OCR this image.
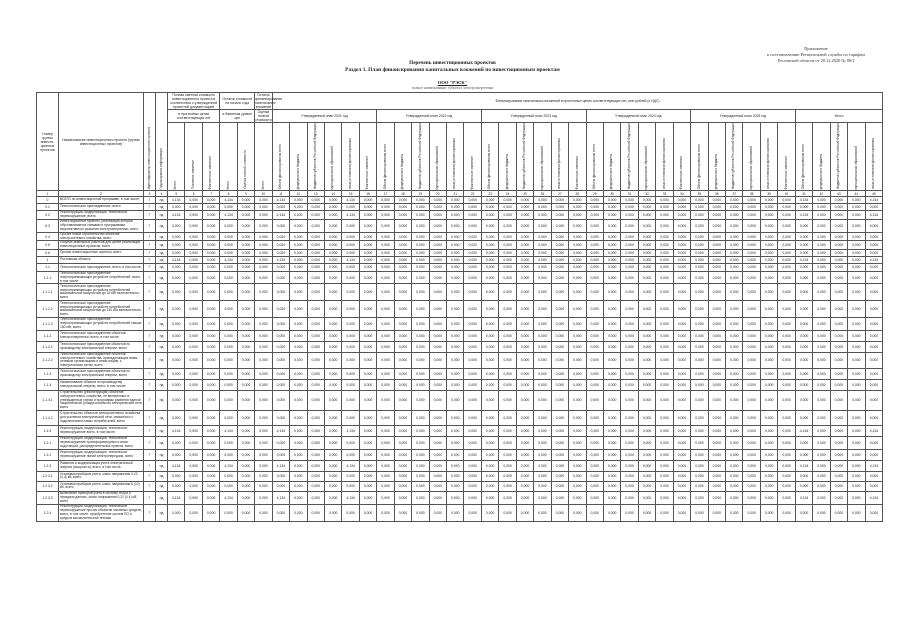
Приложение
к постановлению Региональной службы по тарифам
Ростовской области от 29.12.2020 № 88/2
Перечень инвестиционных проектов
Раздел 1. План финансирования капитальных вложений по инвестиционным проектам
ООО "РЭСК"
полное наименование субъекта электроэнергетики
Номер группы инвести-ционных проектов	Наименование инвестиционного проекта (группы инвестиционных проектов)	Идентификатор инвестиционного проекта	Год раскрытия информации	Полная сметная стоимость инвестиционного проекта в соответствии с утвержденной проектной документацией			Остаток стоимости на начало года		Остаток финансирования капитальных вложений	Финансирование капитальных вложений в прогнозных ценах соответствующих лет, млн рублей (с НДС)																																		
				в прогнозных ценах соответствующих лет			в базисном уровне цен		Оценка полной стоимости	Утвержденный план 2021 год						Утвержденный план 2022 год						Утвержденный план 2023 год						Утвержденный план 2024 год						Утвержденный план 2025 год						Итого				
				Всего	Плановое значение	Фактическое значение	Всего	Оценка полной стоимости	Всего	Объем финансирования всего	федерального бюджета	бюджетов субъектов Российской Федерации	муниципальных образований	иных источников финансирования	Фактическое значение	Объем финансирования всего	федерального бюджета	бюджетов субъектов Российской Федерации	муниципальных образований	иных источников финансирования	Фактическое значение	Объем финансирования всего	федерального бюджета	бюджетов субъектов Российской Федерации	муниципальных образований	иных источников финансирования	Фактическое значение	Объем финансирования всего	федерального бюджета	бюджетов субъектов Российской Федерации	муниципальных образований	иных источников финансирования	Фактическое значение	Объем финансирования всего	федерального бюджета	бюджетов субъектов Российской Федерации	муниципальных образований	иных источников финансирования	Фактическое значение	Объем финансирования всего	федерального бюджета	бюджетов субъектов Российской Федерации	муниципальных образований	иных источников финансирования
1	2	3	4	5	6	7	8	9	10	11	12	13	14	15	16	17	18	19	20	21	22	23	24	25	26	27	28	29	30	31	32	33	34	35	36	37	38	39	40	41	42	43	44	45
0	ВСЕГО по инвестиционной программе, в том числе:	Г	нд	4,134	0,000	0,000	4,134	0,000	0,000	4,134	0,000	0,000	0,000	4,134	0,000	0,000	0,000	0,000	0,000	0,000	0,000	0,000	0,000	0,000	0,000	0,000	0,000	0,000	0,000	0,000	0,000	0,000	0,000	0,000	0,000	0,000	0,000	0,000	0,000	4,134	0,000	0,000	0,000	4,134
0.1	Технологическое присоединение, всего	Г	нд	0,000	0,000	0,000	0,000	0,000	0,000	0,000	0,000	0,000	0,000	0,000	0,000	0,000	0,000	0,000	0,000	0,000	0,000	0,000	0,000	0,000	0,000	0,000	0,000	0,000	0,000	0,000	0,000	0,000	0,000	0,000	0,000	0,000	0,000	0,000	0,000	0,000	0,000	0,000	0,000	0,000
0.2	Реконструкция, модернизация, техническое перевооружение, всего	Г	нд	4,134	0,000	0,000	4,134	0,000	0,000	4,134	0,000	0,000	0,000	4,134	0,000	0,000	0,000	0,000	0,000	0,000	0,000	0,000	0,000	0,000	0,000	0,000	0,000	0,000	0,000	0,000	0,000	0,000	0,000	0,000	0,000	0,000	0,000	0,000	0,000	4,134	0,000	0,000	0,000	4,134
0.3	Инвестиционные проекты, реализация которых обуславливается схемами и программами перспективного развития электроэнергетики, всего	Г	нд	0,000	0,000	0,000	0,000	0,000	0,000	0,000	0,000	0,000	0,000	0,000	0,000	0,000	0,000	0,000	0,000	0,000	0,000	0,000	0,000	0,000	0,000	0,000	0,000	0,000	0,000	0,000	0,000	0,000	0,000	0,000	0,000	0,000	0,000	0,000	0,000	0,000	0,000	0,000	0,000	0,000
0.4	Прочее новое строительство объектов электросетевого хозяйства, всего	Г	нд	0,000	0,000	0,000	0,000	0,000	0,000	0,000	0,000	0,000	0,000	0,000	0,000	0,000	0,000	0,000	0,000	0,000	0,000	0,000	0,000	0,000	0,000	0,000	0,000	0,000	0,000	0,000	0,000	0,000	0,000	0,000	0,000	0,000	0,000	0,000	0,000	0,000	0,000	0,000	0,000	0,000
0.5	Покупка земельных участков для целей реализации инвестиционных проектов, всего	Г	нд	0,000	0,000	0,000	0,000	0,000	0,000	0,000	0,000	0,000	0,000	0,000	0,000	0,000	0,000	0,000	0,000	0,000	0,000	0,000	0,000	0,000	0,000	0,000	0,000	0,000	0,000	0,000	0,000	0,000	0,000	0,000	0,000	0,000	0,000	0,000	0,000	0,000	0,000	0,000	0,000	0,000
0.6	Прочие инвестиционные проекты, всего	Г	нд	0,000	0,000	0,000	0,000	0,000	0,000	0,000	0,000	0,000	0,000	0,000	0,000	0,000	0,000	0,000	0,000	0,000	0,000	0,000	0,000	0,000	0,000	0,000	0,000	0,000	0,000	0,000	0,000	0,000	0,000	0,000	0,000	0,000	0,000	0,000	0,000	0,000	0,000	0,000	0,000	0,000
1	Ростовская область	Г	нд	4,134	0,000	0,000	4,134	0,000	0,000	4,134	0,000	0,000	0,000	4,134	0,000	0,000	0,000	0,000	0,000	0,000	0,000	0,000	0,000	0,000	0,000	0,000	0,000	0,000	0,000	0,000	0,000	0,000	0,000	0,000	0,000	0,000	0,000	0,000	0,000	4,134	0,000	0,000	0,000	4,134
1.1	Технологическое присоединение, всего, в том числе:	Г	нд	0,000	0,000	0,000	0,000	0,000	0,000	0,000	0,000	0,000	0,000	0,000	0,000	0,000	0,000	0,000	0,000	0,000	0,000	0,000	0,000	0,000	0,000	0,000	0,000	0,000	0,000	0,000	0,000	0,000	0,000	0,000	0,000	0,000	0,000	0,000	0,000	0,000	0,000	0,000	0,000	0,000
1.1.1	Технологическое присоединение энергопринимающих устройств потребителей, всего, в том числе:	Г	нд	0,000	0,000	0,000	0,000	0,000	0,000	0,000	0,000	0,000	0,000	0,000	0,000	0,000	0,000	0,000	0,000	0,000	0,000	0,000	0,000	0,000	0,000	0,000	0,000	0,000	0,000	0,000	0,000	0,000	0,000	0,000	0,000	0,000	0,000	0,000	0,000	0,000	0,000	0,000	0,000	0,000
1.1.1.1	Технологическое присоединение энергопринимающих устройств потребителей максимальной мощностью до 15 кВт включительно, всего	Г	нд	0,000	0,000	0,000	0,000	0,000	0,000	0,000	0,000	0,000	0,000	0,000	0,000	0,000	0,000	0,000	0,000	0,000	0,000	0,000	0,000	0,000	0,000	0,000	0,000	0,000	0,000	0,000	0,000	0,000	0,000	0,000	0,000	0,000	0,000	0,000	0,000	0,000	0,000	0,000	0,000	0,000
1.1.1.2	Технологическое присоединение энергопринимающих устройств потребителей максимальной мощностью до 150 кВт включительно, всего	Г	нд	0,000	0,000	0,000	0,000	0,000	0,000	0,000	0,000	0,000	0,000	0,000	0,000	0,000	0,000	0,000	0,000	0,000	0,000	0,000	0,000	0,000	0,000	0,000	0,000	0,000	0,000	0,000	0,000	0,000	0,000	0,000	0,000	0,000	0,000	0,000	0,000	0,000	0,000	0,000	0,000	0,000
1.1.1.3	Технологическое присоединение энергопринимающих устройств потребителей свыше 150 кВт, всего	Г	нд	0,000	0,000	0,000	0,000	0,000	0,000	0,000	0,000	0,000	0,000	0,000	0,000	0,000	0,000	0,000	0,000	0,000	0,000	0,000	0,000	0,000	0,000	0,000	0,000	0,000	0,000	0,000	0,000	0,000	0,000	0,000	0,000	0,000	0,000	0,000	0,000	0,000	0,000	0,000	0,000	0,000
1.1.2	Технологическое присоединение объектов электроэнергетики, всего, в том числе:	Г	нд	0,000	0,000	0,000	0,000	0,000	0,000	0,000	0,000	0,000	0,000	0,000	0,000	0,000	0,000	0,000	0,000	0,000	0,000	0,000	0,000	0,000	0,000	0,000	0,000	0,000	0,000	0,000	0,000	0,000	0,000	0,000	0,000	0,000	0,000	0,000	0,000	0,000	0,000	0,000	0,000	0,000
1.1.2.1	Технологическое присоединение объектов по производству электрической энергии, всего	Г	нд	0,000	0,000	0,000	0,000	0,000	0,000	0,000	0,000	0,000	0,000	0,000	0,000	0,000	0,000	0,000	0,000	0,000	0,000	0,000	0,000	0,000	0,000	0,000	0,000	0,000	0,000	0,000	0,000	0,000	0,000	0,000	0,000	0,000	0,000	0,000	0,000	0,000	0,000	0,000	0,000	0,000
1.1.2.2	Технологическое присоединение объектов электросетевого хозяйства, принадлежащих иным сетевым организациям и иным лицам, к электрическим сетям, всего	Г	нд	0,000	0,000	0,000	0,000	0,000	0,000	0,000	0,000	0,000	0,000	0,000	0,000	0,000	0,000	0,000	0,000	0,000	0,000	0,000	0,000	0,000	0,000	0,000	0,000	0,000	0,000	0,000	0,000	0,000	0,000	0,000	0,000	0,000	0,000	0,000	0,000	0,000	0,000	0,000	0,000	0,000
1.1.3	Технологическое присоединение объектов по производству электрической энергии, всего	Г	нд	0,000	0,000	0,000	0,000	0,000	0,000	0,000	0,000	0,000	0,000	0,000	0,000	0,000	0,000	0,000	0,000	0,000	0,000	0,000	0,000	0,000	0,000	0,000	0,000	0,000	0,000	0,000	0,000	0,000	0,000	0,000	0,000	0,000	0,000	0,000	0,000	0,000	0,000	0,000	0,000	0,000
1.1.4	Наименование объекта по производству электрической энергии, всего, в том числе:	Г	нд	0,000	0,000	0,000	0,000	0,000	0,000	0,000	0,000	0,000	0,000	0,000	0,000	0,000	0,000	0,000	0,000	0,000	0,000	0,000	0,000	0,000	0,000	0,000	0,000	0,000	0,000	0,000	0,000	0,000	0,000	0,000	0,000	0,000	0,000	0,000	0,000	0,000	0,000	0,000	0,000	0,000
1.1.4.1	Строительство (реконструкция) объектов электросетевого хозяйства, не включенных в утвержденные схемы и программы развития единой национальной (общероссийской) электрической сети, всего	Г	нд	0,000	0,000	0,000	0,000	0,000	0,000	0,000	0,000	0,000	0,000	0,000	0,000	0,000	0,000	0,000	0,000	0,000	0,000	0,000	0,000	0,000	0,000	0,000	0,000	0,000	0,000	0,000	0,000	0,000	0,000	0,000	0,000	0,000	0,000	0,000	0,000	0,000	0,000	0,000	0,000	0,000
1.1.4.2	Строительство объектов электросетевого хозяйства для усиления электрической сети, связанного с подключением новых потребителей, всего	Г	нд	0,000	0,000	0,000	0,000	0,000	0,000	0,000	0,000	0,000	0,000	0,000	0,000	0,000	0,000	0,000	0,000	0,000	0,000	0,000	0,000	0,000	0,000	0,000	0,000	0,000	0,000	0,000	0,000	0,000	0,000	0,000	0,000	0,000	0,000	0,000	0,000	0,000	0,000	0,000	0,000	0,000
1.1.5	Реконструкция, модернизация, техническое перевооружение всего, в том числе:	Г	нд	4,134	0,000	0,000	4,134	0,000	0,000	4,134	0,000	0,000	0,000	4,134	0,000	0,000	0,000	0,000	0,000	0,000	0,000	0,000	0,000	0,000	0,000	0,000	0,000	0,000	0,000	0,000	0,000	0,000	0,000	0,000	0,000	0,000	0,000	0,000	0,000	4,134	0,000	0,000	0,000	4,134
1.2.1	Реконструкция, модернизация, техническое перевооружение трансформаторных и иных подстанций, распределительных пунктов, всего	Г	нд	0,000	0,000	0,000	0,000	0,000	0,000	0,000	0,000	0,000	0,000	0,000	0,000	0,000	0,000	0,000	0,000	0,000	0,000	0,000	0,000	0,000	0,000	0,000	0,000	0,000	0,000	0,000	0,000	0,000	0,000	0,000	0,000	0,000	0,000	0,000	0,000	0,000	0,000	0,000	0,000	0,000
1.2.2	Реконструкция, модернизация, техническое перевооружение линий электропередачи, всего	Г	нд	0,000	0,000	0,000	0,000	0,000	0,000	0,000	0,000	0,000	0,000	0,000	0,000	0,000	0,000	0,000	0,000	0,000	0,000	0,000	0,000	0,000	0,000	0,000	0,000	0,000	0,000	0,000	0,000	0,000	0,000	0,000	0,000	0,000	0,000	0,000	0,000	0,000	0,000	0,000	0,000	0,000
1.2.3	Развитие и модернизация учета электрической энергии (мощности), всего, в том числе:	Г	нд	4,134	0,000	0,000	4,134	0,000	0,000	4,134	0,000	0,000	0,000	4,134	0,000	0,000	0,000	0,000	0,000	0,000	0,000	0,000	0,000	0,000	0,000	0,000	0,000	0,000	0,000	0,000	0,000	0,000	0,000	0,000	0,000	0,000	0,000	0,000	0,000	4,134	0,000	0,000	0,000	4,134
1.2.3.1	Установка приборов учета, класс напряжения 0,22 (0,4) кВ, всего	Г	нд	0,000	0,000	0,000	0,000	0,000	0,000	0,000	0,000	0,000	0,000	0,000	0,000	0,000	0,000	0,000	0,000	0,000	0,000	0,000	0,000	0,000	0,000	0,000	0,000	0,000	0,000	0,000	0,000	0,000	0,000	0,000	0,000	0,000	0,000	0,000	0,000	0,000	0,000	0,000	0,000	0,000
1.2.3.2	Установка приборов учета, класс напряжения 6 (10) кВ, всего	Г	нд	0,000	0,000	0,000	0,000	0,000	0,000	0,000	0,000	0,000	0,000	0,000	0,000	0,000	0,000	0,000	0,000	0,000	0,000	0,000	0,000	0,000	0,000	0,000	0,000	0,000	0,000	0,000	0,000	0,000	0,000	0,000	0,000	0,000	0,000	0,000	0,000	0,000	0,000	0,000	0,000	0,000
1.2.3.3	Включение приборов учета в систему сбора и передачи данных, класс напряжения 0,22 (0,4) кВ, всего	Г	нд	4,134	0,000	0,000	4,134	0,000	0,000	4,134	0,000	0,000	0,000	4,134	0,000	0,000	0,000	0,000	0,000	0,000	0,000	0,000	0,000	0,000	0,000	0,000	0,000	0,000	0,000	0,000	0,000	0,000	0,000	0,000	0,000	0,000	0,000	0,000	0,000	4,134	0,000	0,000	0,000	4,134
1.2.4	Реконструкция, модернизация, техническое перевооружение прочих объектов основных средств, всего, в том числе: приобретение систем ПО и средств вычислительной техники	Г	нд	0,000	0,000	0,000	0,000	0,000	0,000	0,000	0,000	0,000	0,000	0,000	0,000	0,000	0,000	0,000	0,000	0,000	0,000	0,000	0,000	0,000	0,000	0,000	0,000	0,000	0,000	0,000	0,000	0,000	0,000	0,000	0,000	0,000	0,000	0,000	0,000	0,000	0,000	0,000	0,000	0,000
